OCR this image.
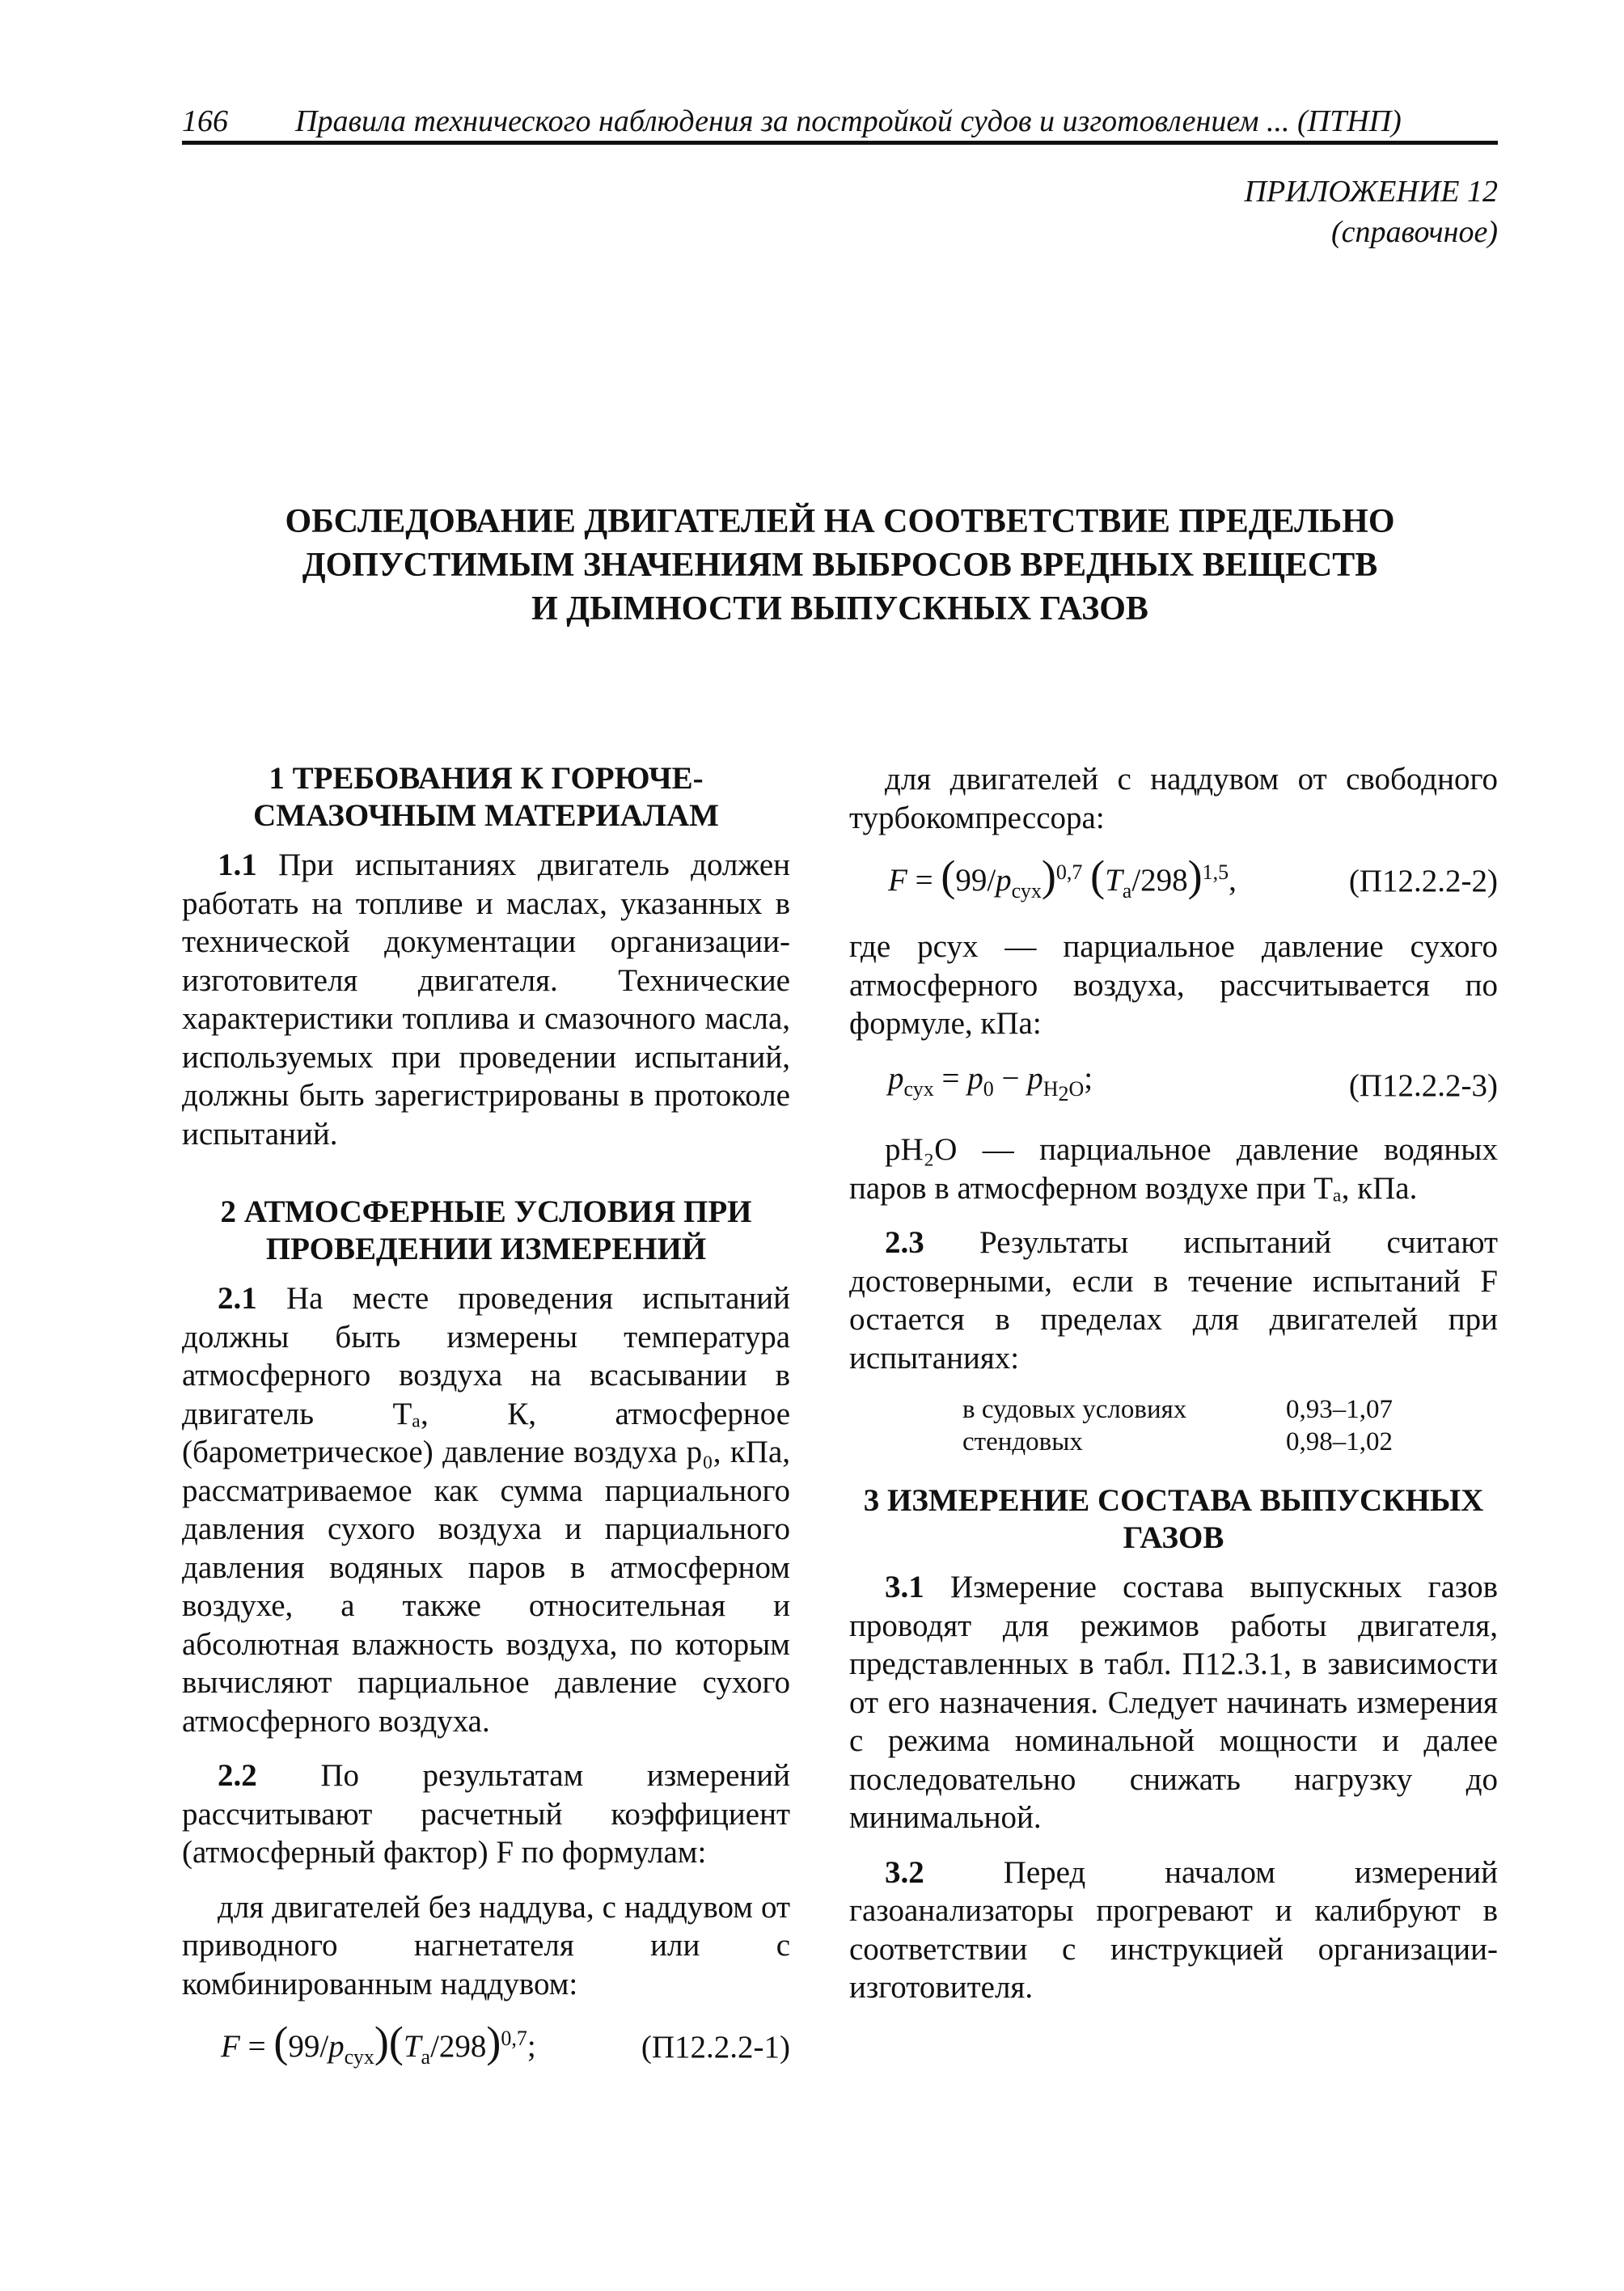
166 Правила технического наблюдения за постройкой судов и изготовлением ... (ПТНП)
ПРИЛОЖЕНИЕ 12
(справочное)
ОБСЛЕДОВАНИЕ ДВИГАТЕЛЕЙ НА СООТВЕТСТВИЕ ПРЕДЕЛЬНО
ДОПУСТИМЫМ ЗНАЧЕНИЯМ ВЫБРОСОВ ВРЕДНЫХ ВЕЩЕСТВ
И ДЫМНОСТИ ВЫПУСКНЫХ ГАЗОВ
1 ТРЕБОВАНИЯ К ГОРЮЧЕ-СМАЗОЧНЫМ МАТЕРИАЛАМ

1.1 При испытаниях двигатель должен работать на топливе и маслах, указанных в технической документации организации-изготовителя двигателя. Технические характеристики топлива и смазочного масла, используемых при проведении испытаний, должны быть зарегистрированы в протоколе испытаний.

2 АТМОСФЕРНЫЕ УСЛОВИЯ ПРИ ПРОВЕДЕНИИ ИЗМЕРЕНИЙ

2.1 На месте проведения испытаний должны быть измерены температура атмосферного воздуха на всасывании в двигатель Tₐ, К, атмосферное (барометрическое) давление воздуха p₀, кПа, рассматриваемое как сумма парциального давления сухого воздуха и парциального давления водяных паров в атмосферном воздухе, а также относительная и абсолютная влажность воздуха, по которым вычисляют парциальное давление сухого атмосферного воздуха.

2.2 По результатам измерений рассчитывают расчетный коэффициент (атмосферный фактор) F по формулам:

для двигателей без наддува, с наддувом от приводного нагнетателя или с комбинированным наддувом:

$F = (99/p_{сух})(T_a/298)^{0,7}$;	(П12.2.2-1)

для двигателей с наддувом от свободного турбокомпрессора:

$F = (99/p_{сух})^{0,7}$ $(T_a/298)^{1,5}$,	(П12.2.2-2)

где pсух — парциальное давление сухого атмосферного воздуха, рассчитывается по формуле, кПа:

$p_{сух} = p_0 - p_{H_2O}$;	(П12.2.2-3)

pH₂O — парциальное давление водяных паров в атмосферном воздухе при Tₐ, кПа.

2.3 Результаты испытаний считают достоверными, если в течение испытаний F остается в пределах для двигателей при испытаниях:

в судовых условиях	0,93–1,07
стендовых	0,98–1,02
3 ИЗМЕРЕНИЕ СОСТАВА ВЫПУСКНЫХ ГАЗОВ

3.1 Измерение состава выпускных газов проводят для режимов работы двигателя, представленных в табл. П12.3.1, в зависимости от его назначения. Следует начинать измерения с режима номинальной мощности и далее последовательно снижать нагрузку до минимальной.

3.2	Перед началом измерений газоанализаторы прогревают и калибруют в соответствии с инструкцией организации-изготовителя.
